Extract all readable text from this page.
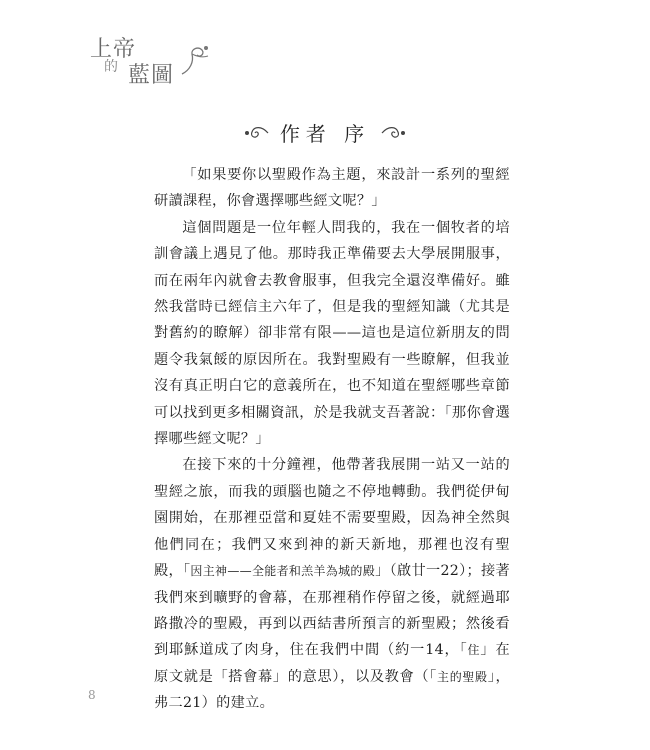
上帝
的 藍圖
作者 序

「如果要你以聖殿作為主題，來設計一系列的聖經研讀課程，你會選擇哪些經文呢？」

這個問題是一位年輕人問我的，我在一個牧者的培訓會議上遇見了他。那時我正準備要去大學展開服事，而在兩年內就會去教會服事，但我完全還沒準備好。雖然我當時已經信主六年了，但是我的聖經知識（尤其是對舊約的瞭解）卻非常有限——這也是這位新朋友的問題令我氣餒的原因所在。我對聖殿有一些瞭解，但我並沒有真正明白它的意義所在，也不知道在聖經哪些章節可以找到更多相關資訊，於是我就支吾著說：「那你會選擇哪些經文呢？」

在接下來的十分鐘裡，他帶著我展開一站又一站的聖經之旅，而我的頭腦也隨之不停地轉動。我們從伊甸園開始，在那裡亞當和夏娃不需要聖殿，因為神全然與他們同在；我們又來到神的新天新地，那裡也沒有聖殿，「因主神——全能者和羔羊為城的殿」（啟廿一22）；接著我們來到曠野的會幕，在那裡稍作停留之後，就經過耶路撒冷的聖殿，再到以西結書所預言的新聖殿；然後看到耶穌道成了肉身，住在我們中間（約一14，「住」在原文就是「搭會幕」的意思），以及教會（「主的聖殿」，弗二21）的建立。

8
